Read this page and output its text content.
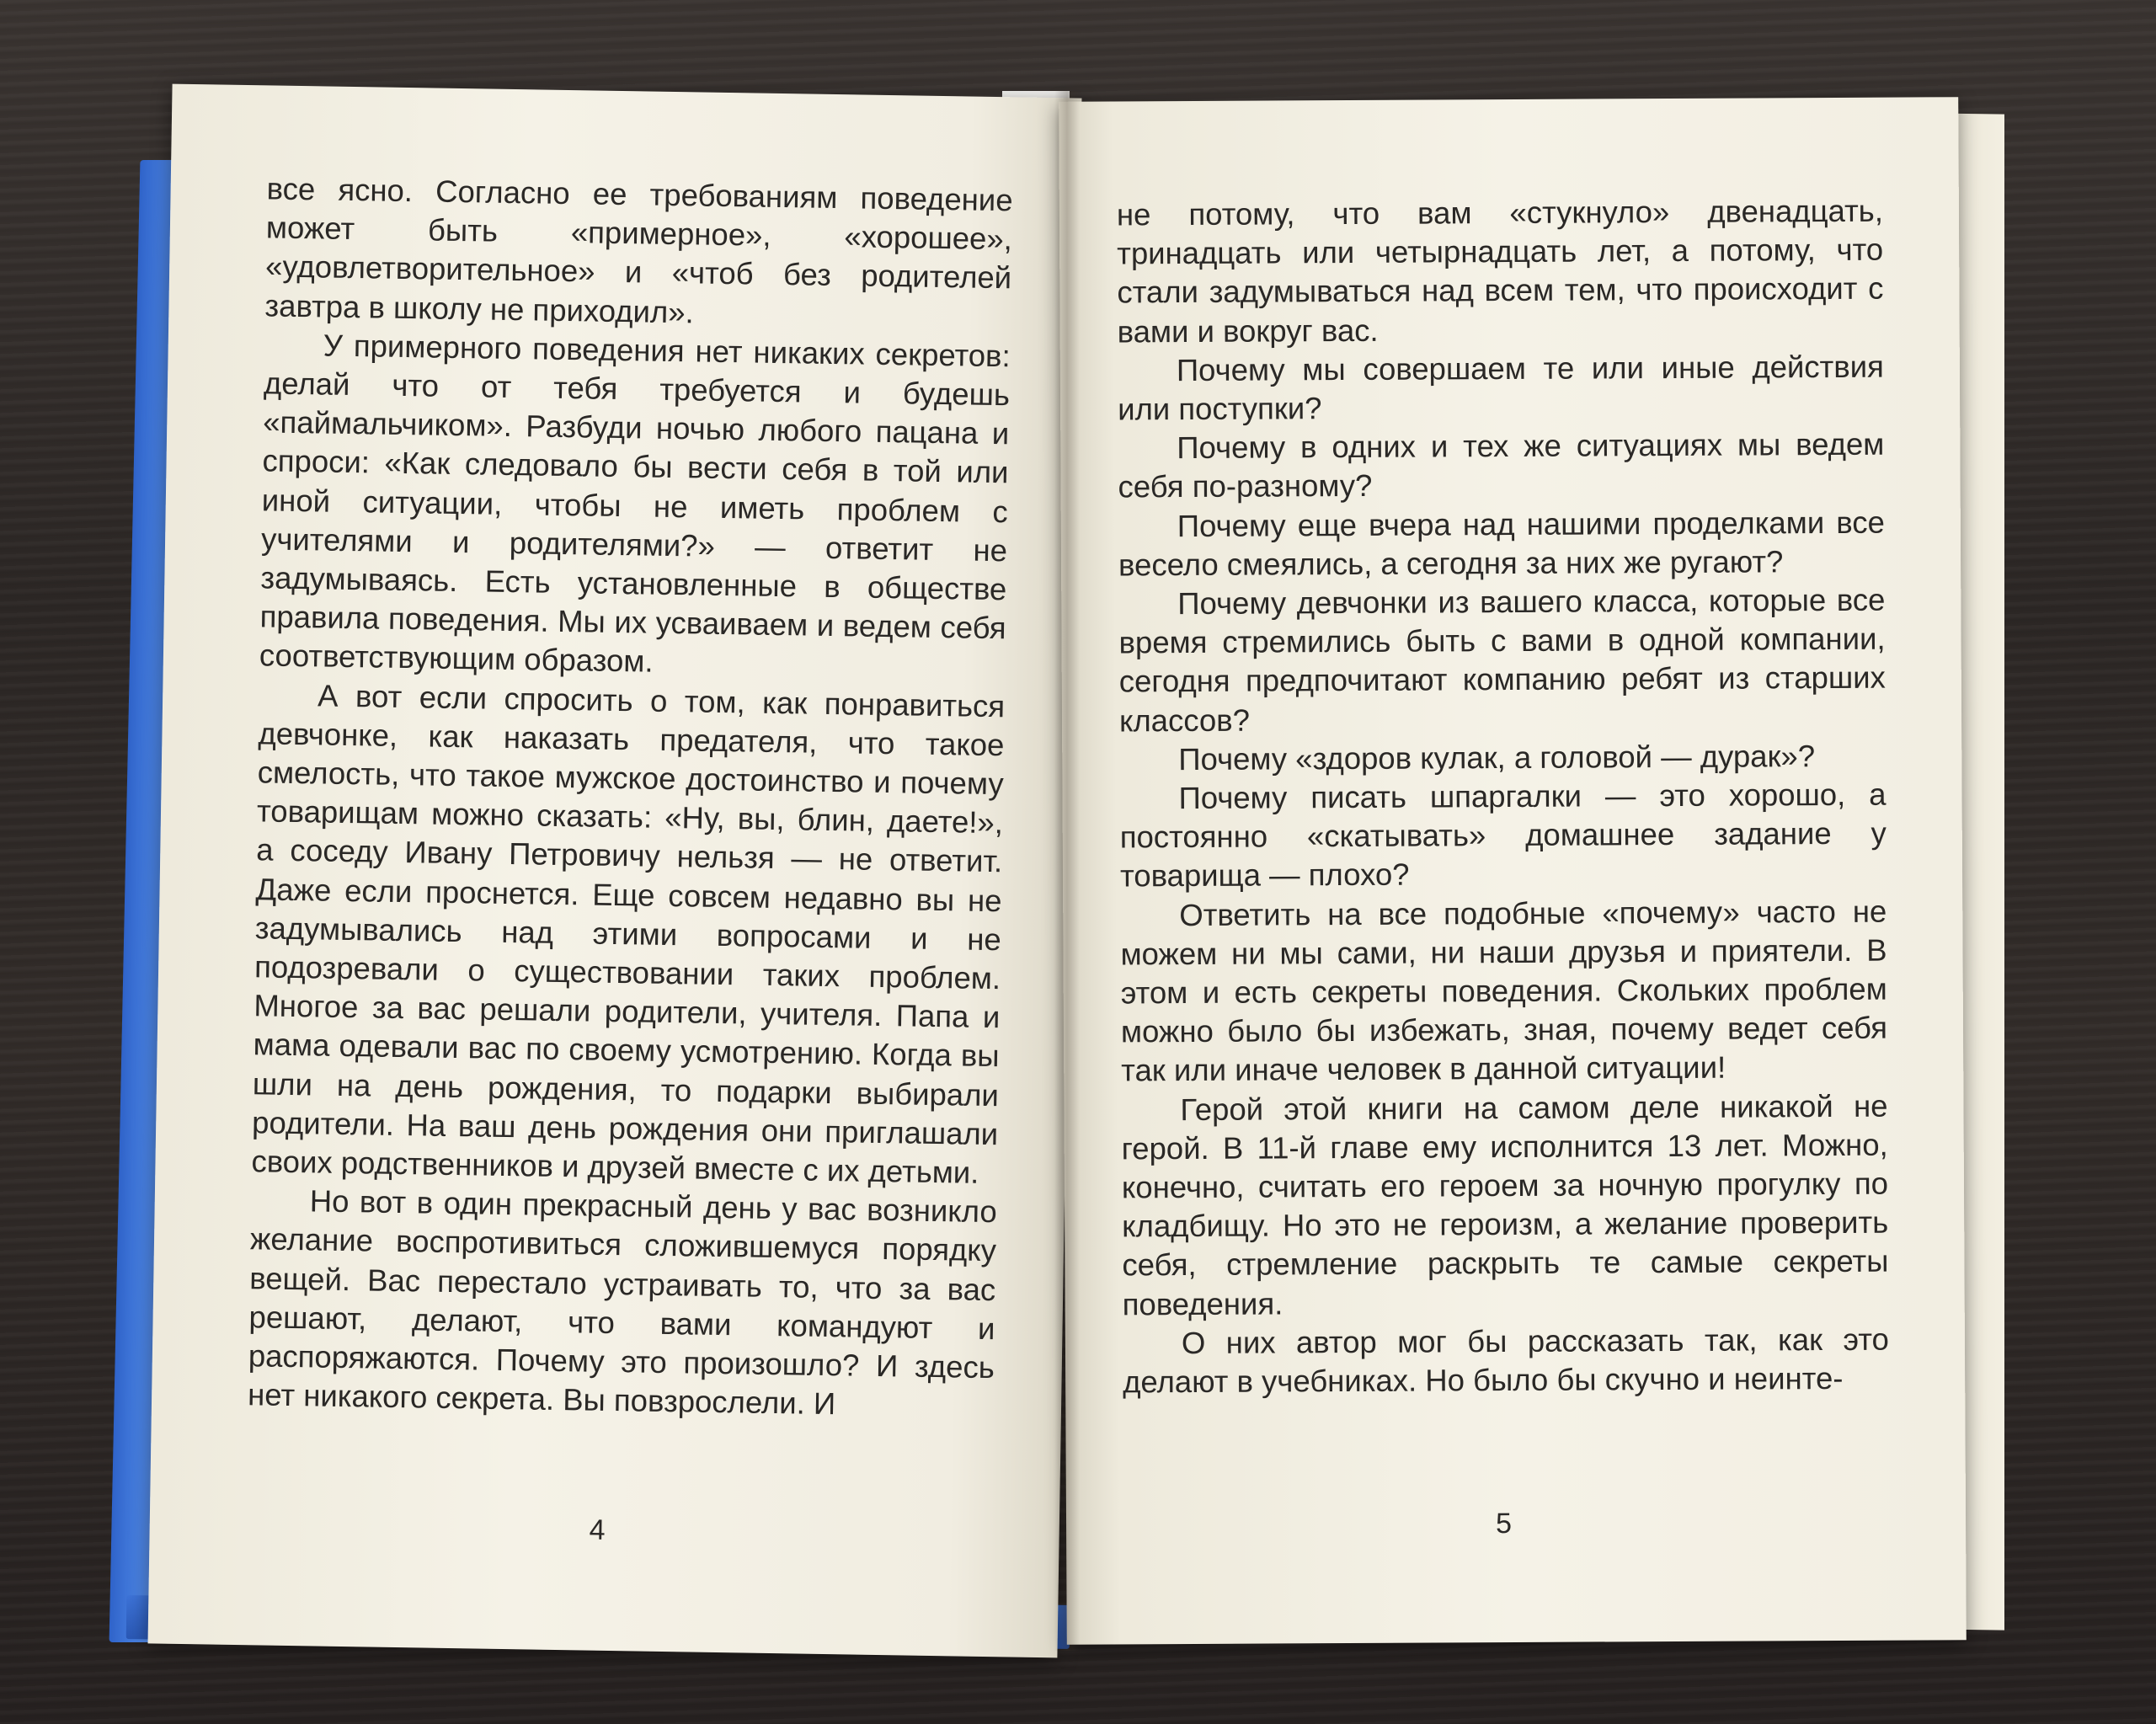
все ясно. Согласно ее требованиям поведение может быть «примерное», «хорошее», «удовлетворительное» и «чтоб без родителей завтра в школу не приходил».

У примерного поведения нет никаких секретов: делай что от тебя требуется и будешь «паймальчиком». Разбуди ночью любого пацана и спроси: «Как следовало бы вести себя в той или иной ситуации, чтобы не иметь проблем с учителями и родителями?» — ответит не задумываясь. Есть установленные в обществе правила поведения. Мы их усваиваем и ведем себя соответствующим образом.

А вот если спросить о том, как понравиться девчонке, как наказать предателя, что такое смелость, что такое мужское достоинство и почему товарищам можно сказать: «Ну, вы, блин, даете!», а соседу Ивану Петровичу нельзя — не ответит. Даже если проснется. Еще совсем недавно вы не задумывались над этими вопросами и не подозревали о существовании таких проблем. Многое за вас решали родители, учителя. Папа и мама одевали вас по своему усмотрению. Когда вы шли на день рождения, то подарки выбирали родители. На ваш день рождения они приглашали своих родственников и друзей вместе с их детьми.

Но вот в один прекрасный день у вас возникло желание воспротивиться сложившемуся порядку вещей. Вас перестало устраивать то, что за вас решают, делают, что вами командуют и распоряжаются. Почему это произошло? И здесь нет никакого секрета. Вы повзрослели. И

4

не потому, что вам «стукнуло» двенадцать, тринадцать или четырнадцать лет, а потому, что стали задумываться над всем тем, что происходит с вами и вокруг вас.

Почему мы совершаем те или иные действия или поступки?

Почему в одних и тех же ситуациях мы ведем себя по-разному?

Почему еще вчера над нашими проделками все весело смеялись, а сегодня за них же ругают?

Почему девчонки из вашего класса, которые все время стремились быть с вами в одной компании, сегодня предпочитают компанию ребят из старших классов?

Почему «здоров кулак, а головой — дурак»?

Почему писать шпаргалки — это хорошо, а постоянно «скатывать» домашнее задание у товарища — плохо?

Ответить на все подобные «почему» часто не можем ни мы сами, ни наши друзья и приятели. В этом и есть секреты поведения. Скольких проблем можно было бы избежать, зная, почему ведет себя так или иначе человек в данной ситуации!

Герой этой книги на самом деле никакой не герой. В 11-й главе ему исполнится 13 лет. Можно, конечно, считать его героем за ночную прогулку по кладбищу. Но это не героизм, а желание проверить себя, стремление раскрыть те самые секреты поведения.

О них автор мог бы рассказать так, как это делают в учебниках. Но было бы скучно и неинте-

5
